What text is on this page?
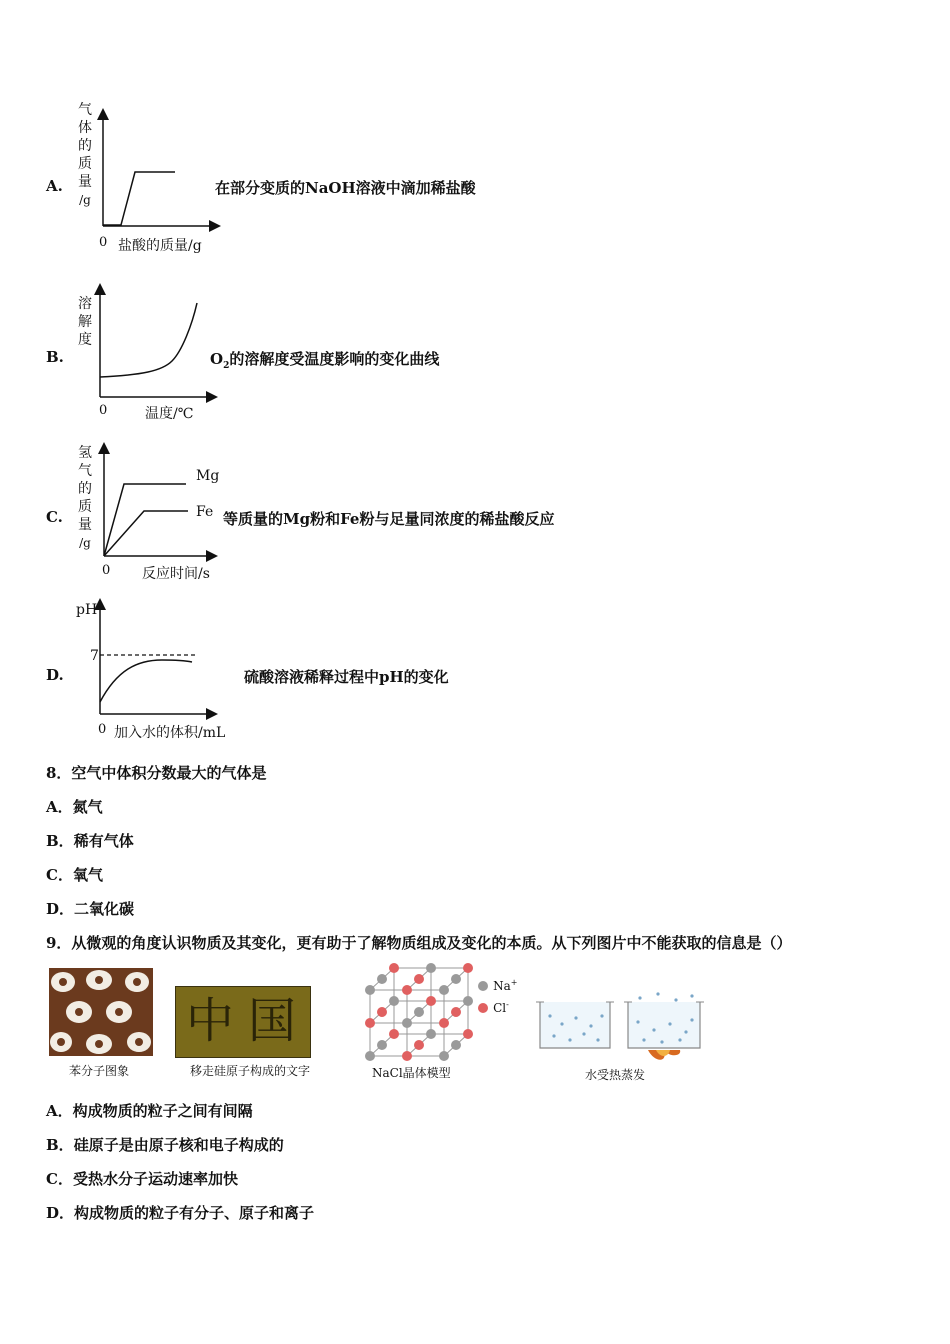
A.
气
体
的
质
量
/g
0 盐酸的质量/g
在部分变质的NaOH溶液中滴加稀盐酸
B.
溶
解
度
0	温度/℃
$O_2$的溶解度受温度影响的变化曲线
C.
氢
气
的
质
量
/g
Mg
Fe
0 反应时间/s
等质量的Mg粉和Fe粉与足量同浓度的稀盐酸反应
pH
7
D.
0 加入水的体积/mL
硫酸溶液稀释过程中pH的变化
8．空气中体积分数最大的气体是
A．氮气
B．稀有气体
C．氧气
D．二氧化碳
9．从微观的角度认识物质及其变化，更有助于了解物质组成及变化的本质。从下列图片中不能获取的信息是（）
苯分子图象
中 国
移走硅原子构成的文字
Na+
Cl-
NaCl晶体模型	水受热蒸发
A．构成物质的粒子之间有间隔
B．硅原子是由原子核和电子构成的
C．受热水分子运动速率加快
D．构成物质的粒子有分子、原子和离子
